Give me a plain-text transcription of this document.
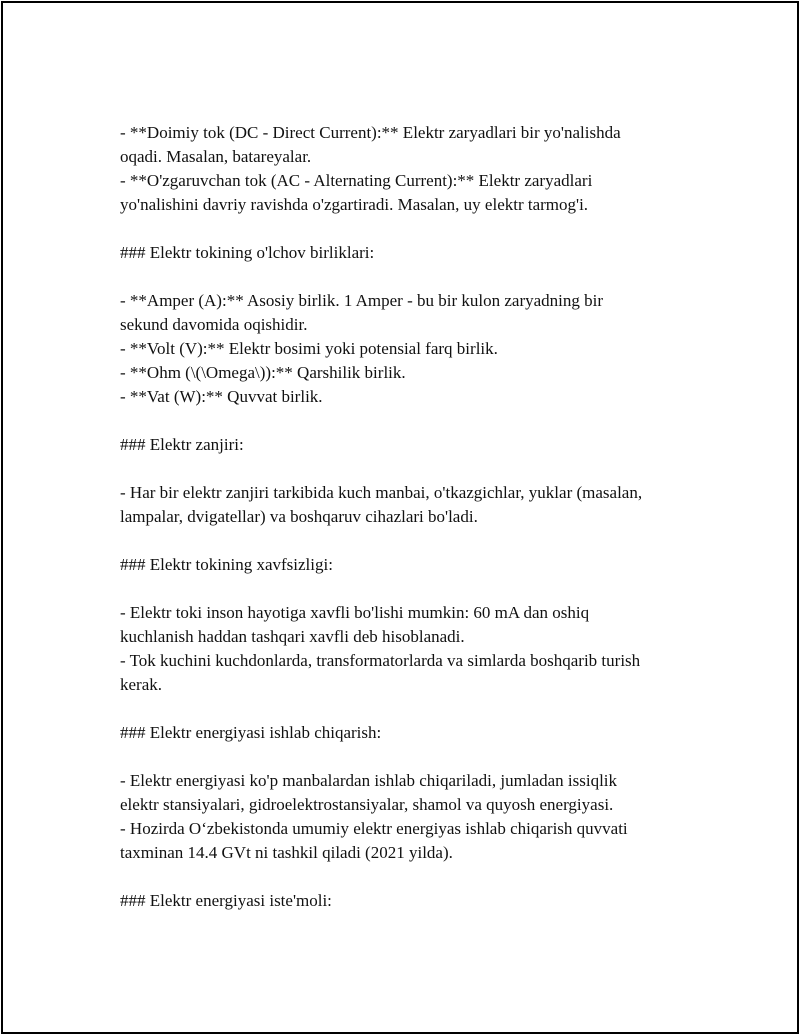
- **Doimiy tok (DC - Direct Current):** Elektr zaryadlari bir yo'nalishda
oqadi. Masalan, batareyalar.
- **O'zgaruvchan tok (AC - Alternating Current):** Elektr zaryadlari
yo'nalishini davriy ravishda o'zgartiradi. Masalan, uy elektr tarmog'i.
### Elektr tokining o'lchov birliklari:
- **Amper (A):** Asosiy birlik. 1 Amper - bu bir kulon zaryadning bir
sekund davomida oqishidir.
- **Volt (V):** Elektr bosimi yoki potensial farq birlik.
- **Ohm (\(\Omega\)):** Qarshilik birlik.
- **Vat (W):** Quvvat birlik.
### Elektr zanjiri:
- Har bir elektr zanjiri tarkibida kuch manbai, o'tkazgichlar, yuklar (masalan,
lampalar, dvigatellar) va boshqaruv cihazlari bo'ladi.
### Elektr tokining xavfsizligi:
- Elektr toki inson hayotiga xavfli bo'lishi mumkin: 60 mA dan oshiq
kuchlanish haddan tashqari xavfli deb hisoblanadi.
- Tok kuchini kuchdonlarda, transformatorlarda va simlarda boshqarib turish
kerak.
### Elektr energiyasi ishlab chiqarish:
- Elektr energiyasi ko'p manbalardan ishlab chiqariladi, jumladan issiqlik
elektr stansiyalari, gidroelektrostansiyalar, shamol va quyosh energiyasi.
- Hozirda O‘zbekistonda umumiy elektr energiyas ishlab chiqarish quvvati
taxminan 14.4 GVt ni tashkil qiladi (2021 yilda).
### Elektr energiyasi iste'moli:
